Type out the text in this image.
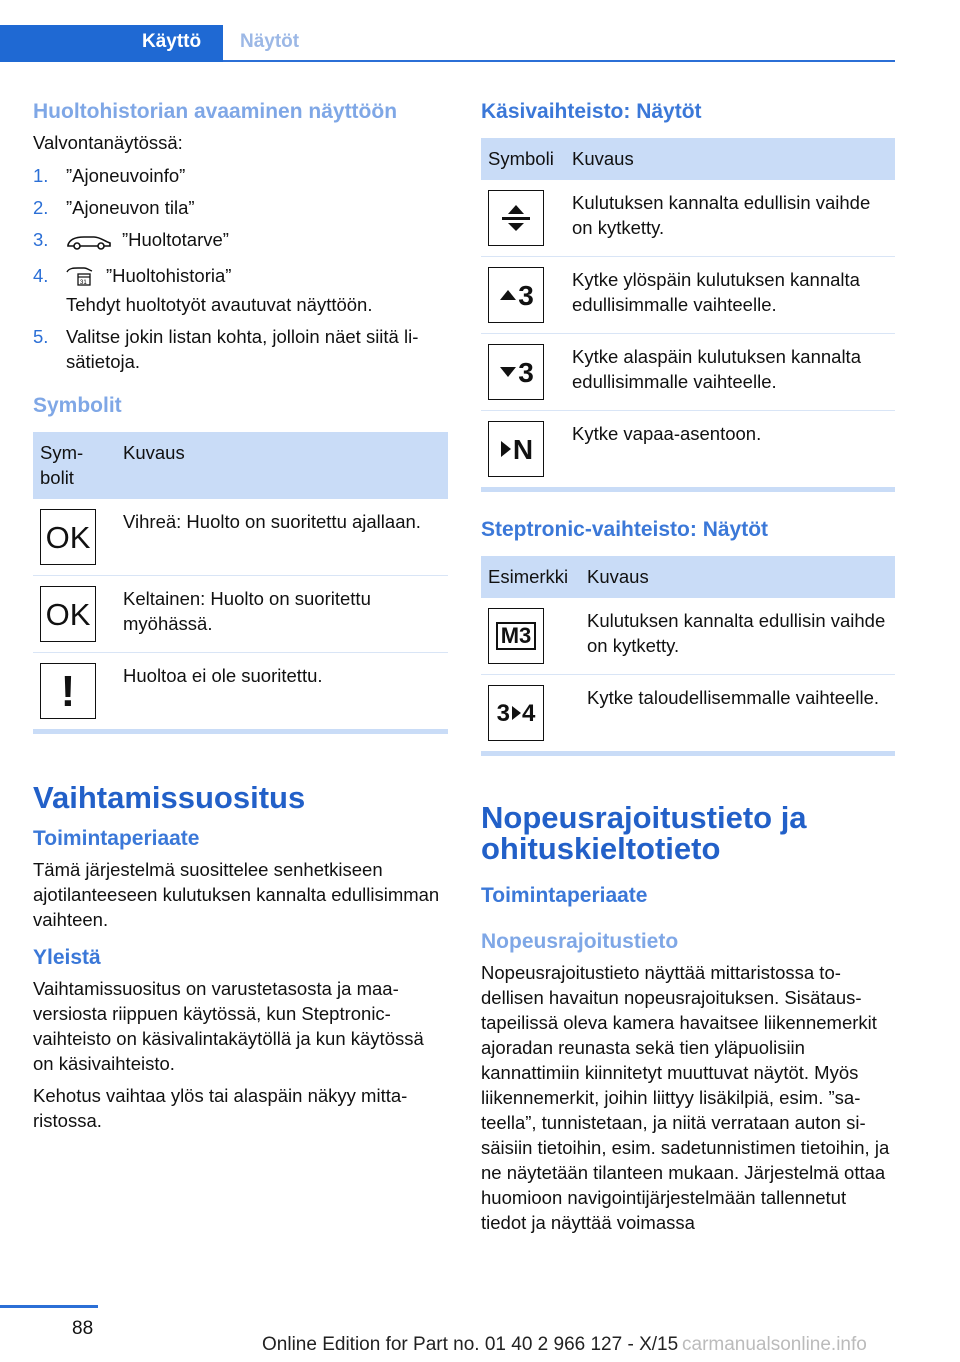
Käyttö	Näytöt
Huoltohistorian avaaminen näyttöön

Valvontanäytössä:

1. ”Ajoneuvoinfo”
2. ”Ajoneuvon tila”
3.	”Huoltotarve”
4.	31 ”Huoltohistoria”
Tehdyt huoltotyöt avautuvat näyttöön.
5. Valitse jokin listan kohta, jolloin näet siitä lisätietoja.
Symbolit
Symbolit	Kuvaus

OK	Vihreä: Huolto on suoritettu ajallaan.

OK	Keltainen: Huolto on suoritettu myöhässä.

!	Huoltoa ei ole suoritettu.

Vaihtamissuositus
Toimintaperiaate

Tämä järjestelmä suosittelee senhetkiseen ajotilanteeseen kulutuksen kannalta edullisimman vaihteen.

Yleistä

Vaihtamissuositus on varustetasosta ja maaversiosta riippuen käytössä, kun Steptronic-vaihteisto on käsivalintakäytöllä ja kun käytössä on käsivaihteisto.

Kehotus vaihtaa ylös tai alaspäin näkyy mittaristossa.

Käsivaihteisto: Näytöt
Symboli	Kuvaus

	Kulutuksen kannalta edullisin vaihde on kytketty.

3	Kytke ylöspäin kulutuksen kannalta edullisimmalle vaihteelle.

3	Kytke alaspäin kulutuksen kannalta edullisimmalle vaihteelle.

N	Kytke vapaa-asentoon.

Steptronic-vaihteisto: Näytöt
Esimerkki	Kuvaus

M3	Kulutuksen kannalta edullisin vaihde on kytketty.

3 4	Kytke taloudellisemmalle vaihteelle.

Nopeusrajoitustieto ja ohituskieltotieto
Toimintaperiaate
Nopeusrajoitustieto

Nopeusrajoitustieto näyttää mittaristossa todellisen havaitun nopeusrajoituksen. Sisätaustapeilissä oleva kamera havaitsee liikennemerkit ajoradan reunasta sekä tien yläpuolisiin kannattimiin kiinnitetyt muuttuvat näytöt. Myös liikennemerkit, joihin liittyy lisäkilpiä, esim. ”sateella”, tunnistetaan, ja niitä verrataan auton sisäisiin tietoihin, esim. sadetunnistimen tietoihin, ja ne näytetään tilanteen mukaan. Järjestelmä ottaa huomioon navigointijärjestelmään tallennetut tiedot ja näyttää voimassa

88
Online Edition for Part no. 01 40 2 966 127 - X/15 carmanualsonline.info
